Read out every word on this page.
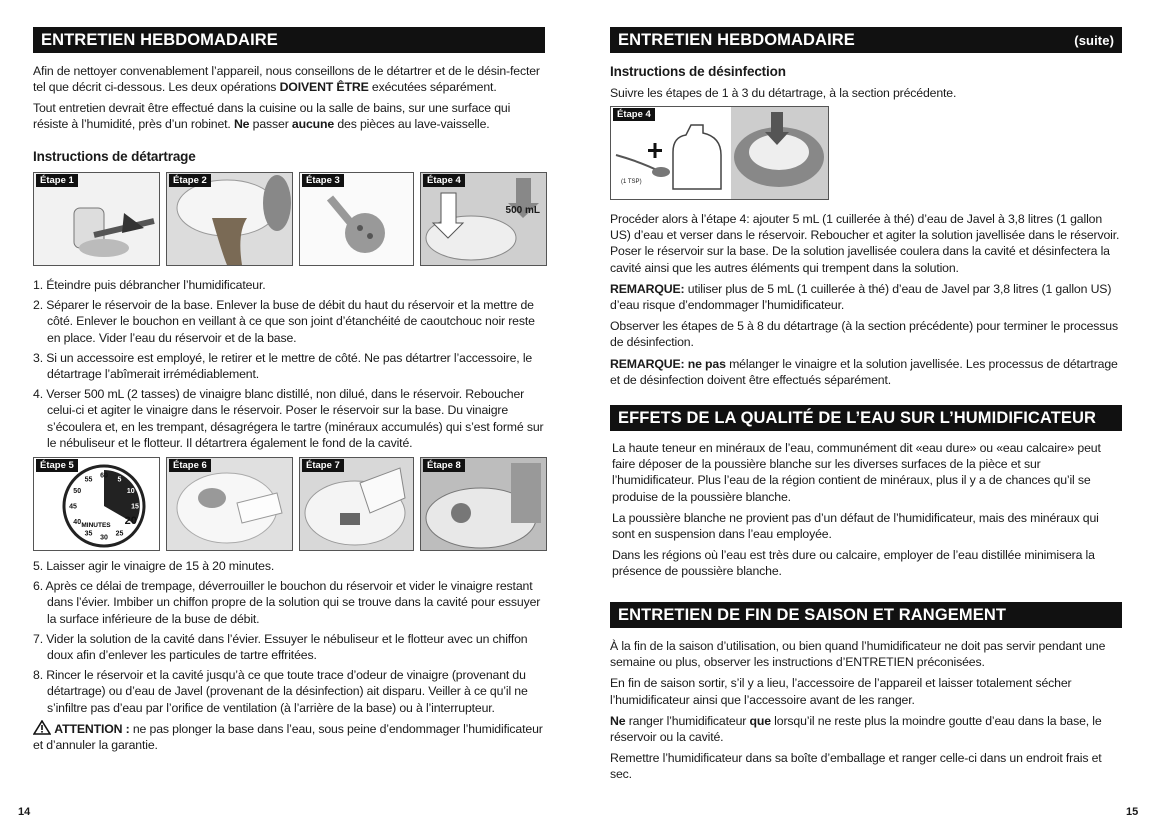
ENTRETIEN HEBDOMADAIRE

Afin de nettoyer convenablement l’appareil, nous conseillons de le détartrer et de le désin-fecter tel que décrit ci-dessous. Les deux opérations DOIVENT ÊTRE exécutées séparément.

Tout entretien devrait être effectué dans la cuisine ou la salle de bains, sur une surface qui résiste à l’humidité, près d’un robinet. Ne passer aucune des pièces au lave-vaisselle.

Instructions de détartrage

Étape 1	Étape 2	Étape 3	Étape 4
500 mL

1. Éteindre puis débrancher l’humidificateur.

2. Séparer le réservoir de la base. Enlever la buse de débit du haut du réservoir et la mettre de côté. Enlever le bouchon en veillant à ce que son joint d’étanchéité de caoutchouc noir reste en place. Vider l’eau du réservoir et de la base.

3. Si un accessoire est employé, le retirer et le mettre de côté. Ne pas détartrer l’accessoire, le détartrage l’abîmerait irrémédiablement.

4. Verser 500 mL (2 tasses) de vinaigre blanc distillé, non dilué, dans le réservoir. Reboucher celui-ci et agiter le vinaigre dans le réservoir. Poser le réservoir sur la base. Du vinaigre s’écoulera et, en les trempant, désagrégera le tartre (minéraux accumulés) qui s’est formé sur le nébuliseur et le flotteur. Il détartrera également le fond de la cavité.

Étape 5
60
5
10
15
20
25
30
35
40
45
50
55
MINUTES
Étape 6	Étape 7	Étape 8

5. Laisser agir le vinaigre de 15 à 20 minutes.

6. Après ce délai de trempage, déverrouiller le bouchon du réservoir et vider le vinaigre restant dans l’évier. Imbiber un chiffon propre de la solution qui se trouve dans la cavité pour essuyer la surface inférieure de la buse de débit.

7. Vider la solution de la cavité dans l’évier. Essuyer le nébuliseur et le flotteur avec un chiffon doux afin d’enlever les particules de tartre effritées.

8. Rincer le réservoir et la cavité jusqu’à ce que toute trace d’odeur de vinaigre (provenant du détartrage) ou d’eau de Javel (provenant de la désinfection) ait disparu. Veiller à ce qu’il ne s’infiltre pas d’eau par l’orifice de ventilation (à l’arrière de la base) ou à l’interrupteur.

ATTENTION : ne pas plonger la base dans l’eau, sous peine d’endommager l’humidificateur et d’annuler la garantie.

14
ENTRETIEN HEBDOMADAIRE	(suite)

Instructions de désinfection

Suivre les étapes de 1 à 3 du détartrage, à la section précédente.

Étape 4
(1 TSP)

Procéder alors à l’étape 4: ajouter 5 mL (1 cuillerée à thé) d’eau de Javel à 3,8 litres (1 gallon US) d’eau et verser dans le réservoir. Reboucher et agiter la solution javellisée dans le réservoir. Poser le réservoir sur la base. De la solution javellisée coulera dans la cavité et désinfectera la cavité ainsi que les autres éléments qui trempent dans la solution.

REMARQUE: utiliser plus de 5 mL (1 cuillerée à thé) d’eau de Javel par 3,8 litres (1 gallon US) d’eau risque d’endommager l’humidificateur.

Observer les étapes de 5 à 8 du détartrage (à la section précédente) pour terminer le processus de désinfection.

REMARQUE: ne pas mélanger le vinaigre et la solution javellisée. Les processus de détartrage et de désinfection doivent être effectués séparément.

EFFETS DE LA QUALITÉ DE L’EAU SUR L’HUMIDIFICATEUR

La haute teneur en minéraux de l’eau, communément dit «eau dure» ou «eau calcaire» peut faire déposer de la poussière blanche sur les diverses surfaces de la pièce et sur l’humidificateur. Plus l’eau de la région contient de minéraux, plus il y a de chances qu’il se produise de la poussière blanche.

La poussière blanche ne provient pas d’un défaut de l’humidificateur, mais des minéraux qui sont en suspension dans l’eau employée.

Dans les régions où l’eau est très dure ou calcaire, employer de l’eau distillée minimisera la présence de poussière blanche.

ENTRETIEN DE FIN DE SAISON ET RANGEMENT

À la fin de la saison d’utilisation, ou bien quand l’humidificateur ne doit pas servir pendant une semaine ou plus, observer les instructions d’ENTRETIEN préconisées.

En fin de saison sortir, s’il y a lieu, l’accessoire de l’appareil et laisser totalement sécher l’humidificateur ainsi que l’accessoire avant de les ranger.

Ne ranger l’humidificateur que lorsqu’il ne reste plus la moindre goutte d’eau dans la base, le réservoir ou la cavité.

Remettre l’humidificateur dans sa boîte d’emballage et ranger celle-ci dans un endroit frais et sec.

15
